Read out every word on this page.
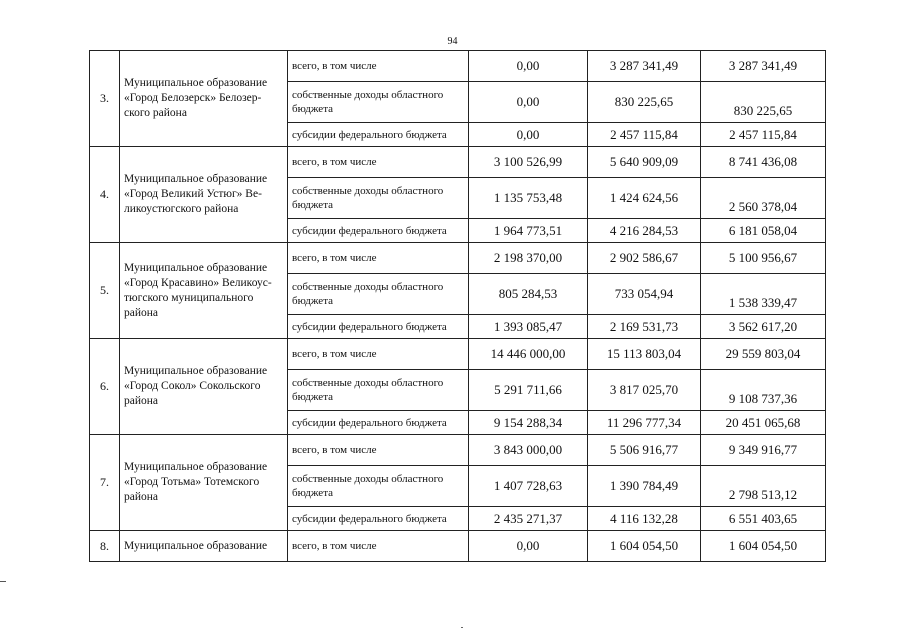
94
3.	Муниципальное образование «Город Белозерск» Белозер-ского района	всего, в том числе	0,00	3 287 341,49	3 287 341,49
		собственные доходы областного бюджета	0,00	830 225,65	830 225,65
		субсидии федерального бюджета	0,00	2 457 115,84	2 457 115,84
4.	Муниципальное образование «Город Великий Устюг» Ве-ликоустюгского района	всего, в том числе	3 100 526,99	5 640 909,09	8 741 436,08
		собственные доходы областного бюджета	1 135 753,48	1 424 624,56	2 560 378,04
		субсидии федерального бюджета	1 964 773,51	4 216 284,53	6 181 058,04
5.	Муниципальное образование «Город Красавино» Великоус-тюгского муниципального района	всего, в том числе	2 198 370,00	2 902 586,67	5 100 956,67
		собственные доходы областного бюджета	805 284,53	733 054,94	1 538 339,47
		субсидии федерального бюджета	1 393 085,47	2 169 531,73	3 562 617,20
6.	Муниципальное образование «Город Сокол» Сокольского района	всего, в том числе	14 446 000,00	15 113 803,04	29 559 803,04
		собственные доходы областного бюджета	5 291 711,66	3 817 025,70	9 108 737,36
		субсидии федерального бюджета	9 154 288,34	11 296 777,34	20 451 065,68
7.	Муниципальное образование «Город Тотьма» Тотемского района	всего, в том числе	3 843 000,00	5 506 916,77	9 349 916,77
		собственные доходы областного бюджета	1 407 728,63	1 390 784,49	2 798 513,12
		субсидии федерального бюджета	2 435 271,37	4 116 132,28	6 551 403,65
8.	Муниципальное образование	всего, в том числе	0,00	1 604 054,50	1 604 054,50
